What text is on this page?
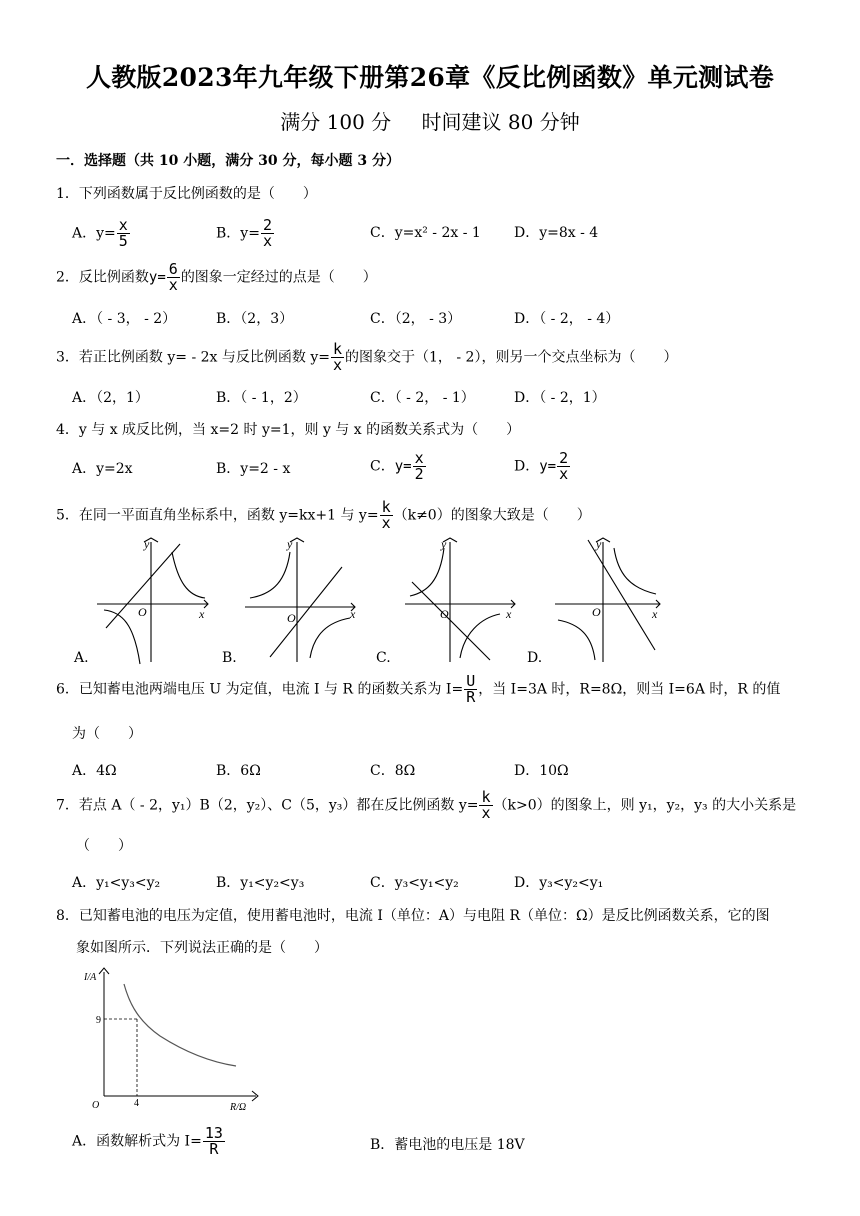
人教版2023年九年级下册第26章《反比例函数》单元测试卷
满分 100 分 时间建议 80 分钟
一．选择题（共 10 小题，满分 30 分，每小题 3 分）
1．下列函数属于反比例函数的是（　　）
A．$y= \frac{x}{5}$	B．$y= \frac{2}{x}$	C．y=x² - 2x - 1 D．y=8x - 4
2．反比例函数$y= \frac{6}{x}$ 的图象一定经过的点是（　　）
A．（ - 3， - 2）	B．（2，3）	C．（2， - 3）	D．（ - 2， - 4）
3．若正比例函数 y= - 2x 与反比例函数 $y= \frac{k}{x}$ 的图象交于（1， - 2），则另一个交点坐标为（　　）
A．（2，1）	B．（ - 1，2）	C．（ - 2， - 1）	D．（ - 2，1）
4．y 与 x 成反比例，当 x=2 时 y=1，则 y 与 x 的函数关系式为（　　）
A．y=2x	B．y=2 - x	C．$y= \frac{x}{2}$	D．$y= \frac{2}{x}$
5．在同一平面直角坐标系中，函数 y=kx+1 与 $y= \frac{k}{x} (k\ne 0)$的图象大致是（　　）
y
x
O
y
x
O
y
x
O
y
x
O
A.	B.	C.	D.
6．已知蓄电池两端电压 U 为定值，电流 I 与 R 的函数关系为 $I= \frac{U}{R}$ ，当 I=3A 时，R=8Ω，则当 I=6A 时，R 的值
为（　　）
A．4Ω	B．6Ω	C．8Ω	D．10Ω
7．若点 A（ - 2，y₁）B（2，y₂）、C（5，y₃）都在反比例函数 $y= \frac{k}{x} (k>0)$的图象上，则 y₁，y₂，y₃ 的大小关系是
（　　）
A．y₁<y₃<y₂	B．y₁<y₂<y₃	C．y₃<y₁<y₂	D．y₃<y₂<y₁
8．已知蓄电池的电压为定值，使用蓄电池时，电流 I（单位：A）与电阻 R（单位：Ω）是反比例函数关系，它的图
象如图所示．下列说法正确的是（　　）
I/A
R/Ω
O
9
4
A．函数解析式为 $I= \frac{13}{R}$	B．蓄电池的电压是 18V
